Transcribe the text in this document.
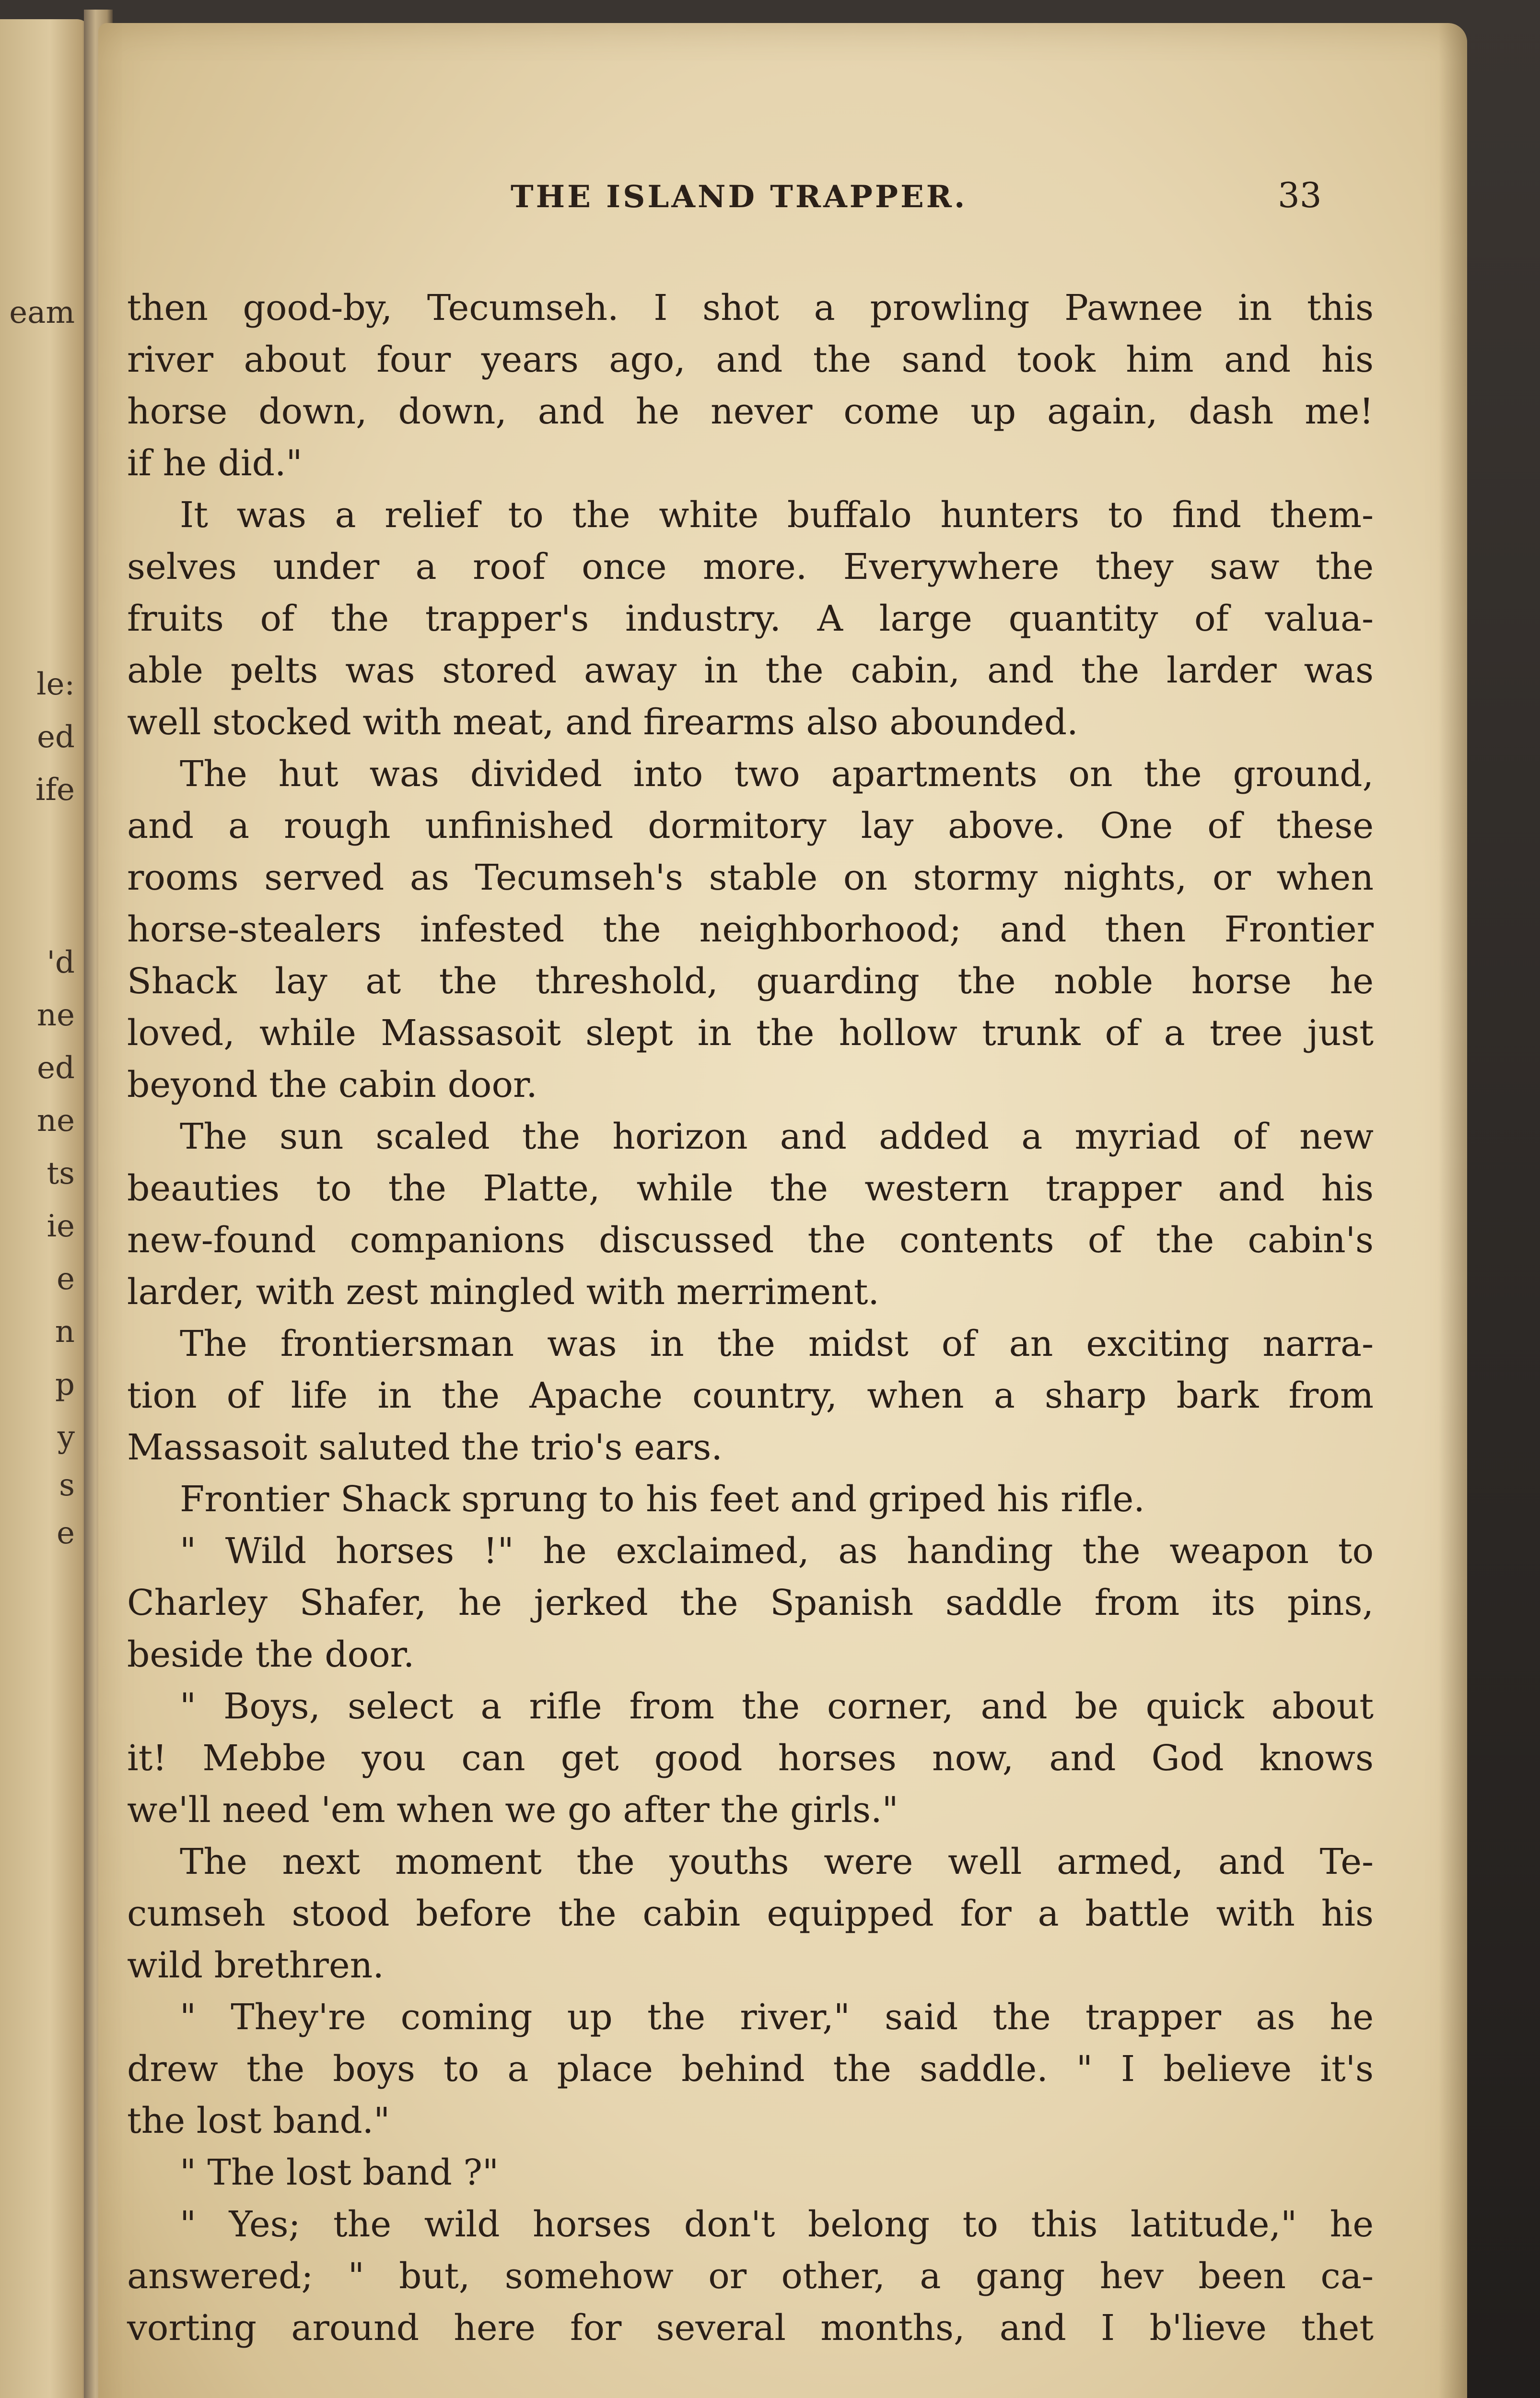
eam
le:
ed
ife
'd
ne
ed
ne
ts
ie
e
n
p
y
s
e
THE ISLAND TRAPPER.	33
then good-by, Tecumseh. I shot a prowling Pawnee in this
river about four years ago, and the sand took him and his
horse down, down, and he never come up again, dash me!
if he did."
It was a relief to the white buffalo hunters to find them-
selves under a roof once more. Everywhere they saw the
fruits of the trapper's industry. A large quantity of valua-
able pelts was stored away in the cabin, and the larder was
well stocked with meat, and firearms also abounded.
The hut was divided into two apartments on the ground,
and a rough unfinished dormitory lay above. One of these
rooms served as Tecumseh's stable on stormy nights, or when
horse-stealers infested the neighborhood; and then Frontier
Shack lay at the threshold, guarding the noble horse he
loved, while Massasoit slept in the hollow trunk of a tree just
beyond the cabin door.
The sun scaled the horizon and added a myriad of new
beauties to the Platte, while the western trapper and his
new-found companions discussed the contents of the cabin's
larder, with zest mingled with merriment.
The frontiersman was in the midst of an exciting narra-
tion of life in the Apache country, when a sharp bark from
Massasoit saluted the trio's ears.
Frontier Shack sprung to his feet and griped his rifle.
" Wild horses !" he exclaimed, as handing the weapon to
Charley Shafer, he jerked the Spanish saddle from its pins,
beside the door.
" Boys, select a rifle from the corner, and be quick about
it! Mebbe you can get good horses now, and God knows
we'll need 'em when we go after the girls."
The next moment the youths were well armed, and Te-
cumseh stood before the cabin equipped for a battle with his
wild brethren.
" They're coming up the river," said the trapper as he
drew the boys to a place behind the saddle. " I believe it's
the lost band."
" The lost band ?"
" Yes; the wild horses don't belong to this latitude," he
answered; " but, somehow or other, a gang hev been ca-
vorting around here for several months, and I b'lieve thet
